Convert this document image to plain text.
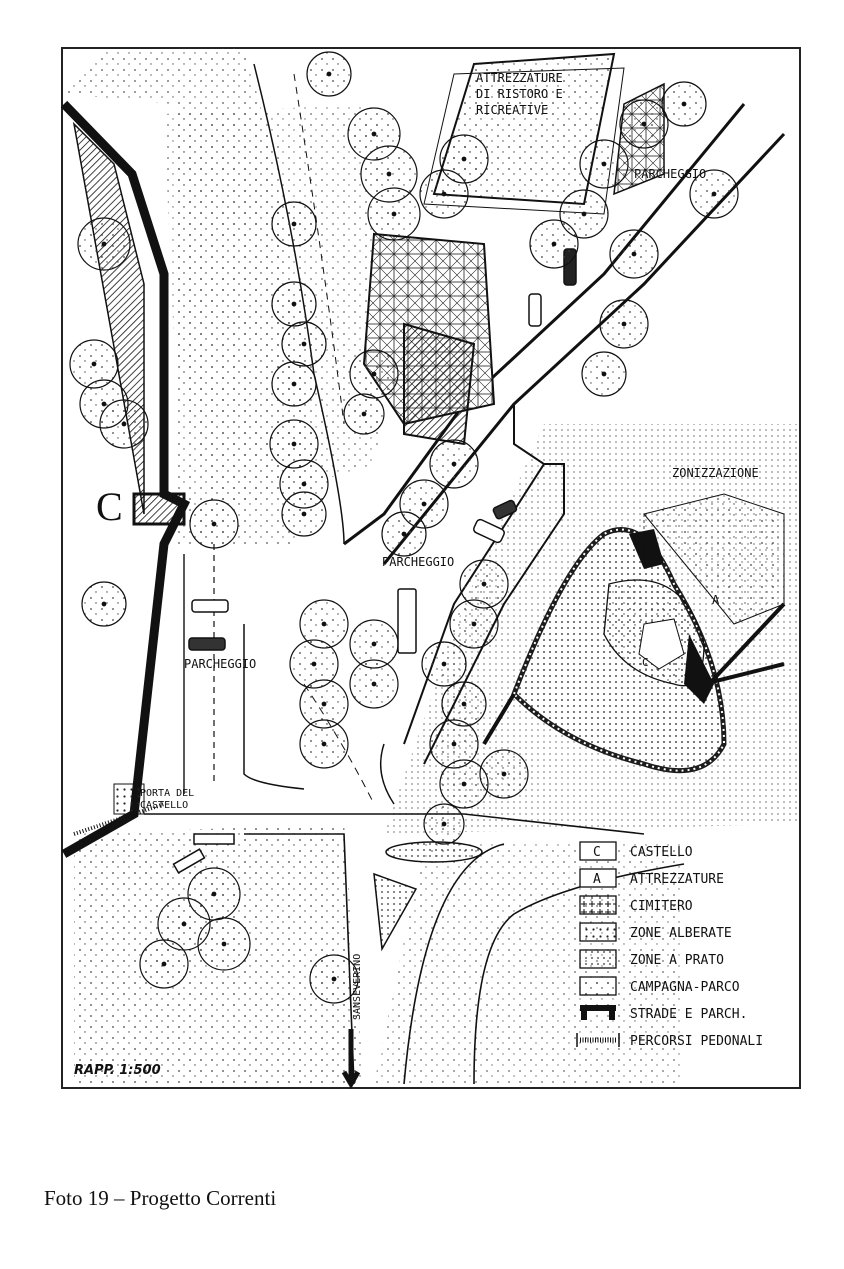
ATTREZZATURE
DI RISTORO E
RICREATIVE
PARCHEGGIO
PARCHEGGIO
PARCHEGGIO
ZONIZZAZIONE
C
A
C
PORTA DEL
CASTELLO
SANSEVERINO
RAPP. 1:500
C CASTELLO
A ATTREZZATURE
CIMITERO
ZONE ALBERATE
ZONE A PRATO
CAMPAGNA-PARCO
STRADE E PARCH.
PERCORSI PEDONALI
Foto 19 – Progetto Correnti
